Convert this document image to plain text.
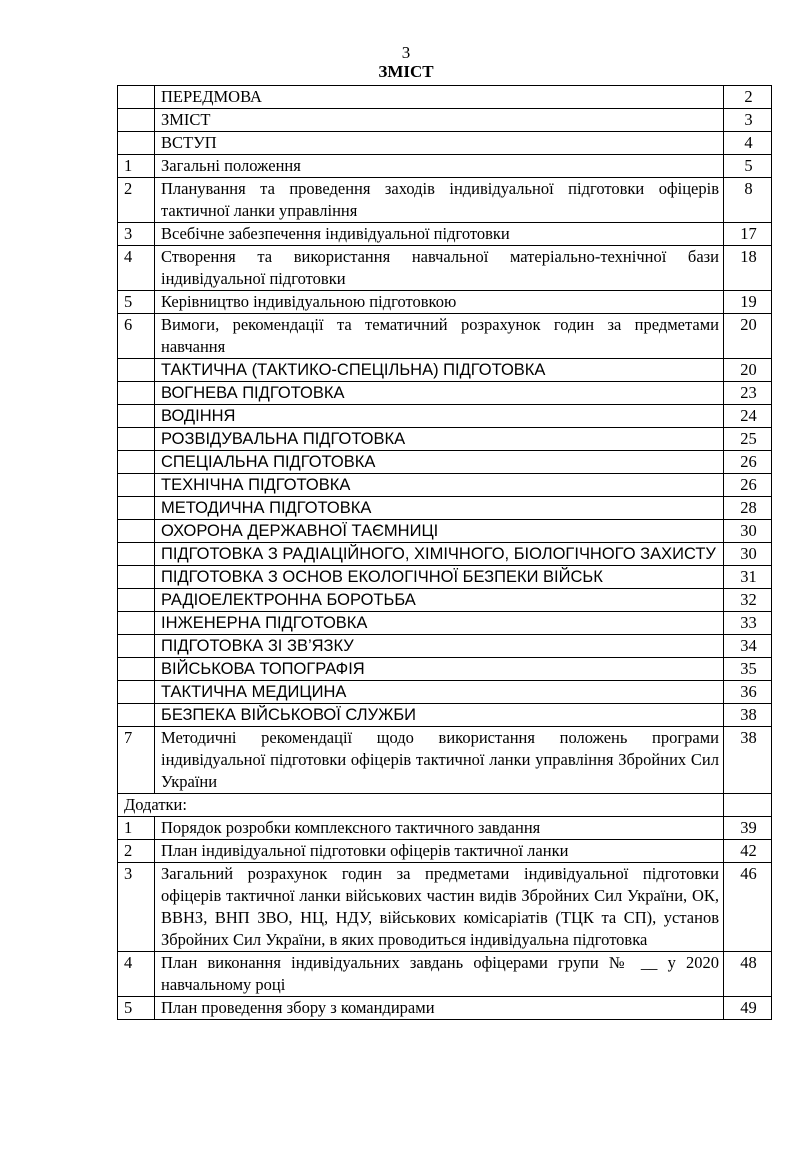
3
ЗМІСТ
	ПЕРЕДМОВА	2
	ЗМІСТ	3
	ВСТУП	4
1	Загальні положення	5
2	Планування та проведення заходів індивідуальної підготовки офіцерів тактичної ланки управління	8
3	Всебічне забезпечення індивідуальної підготовки	17
4	Створення та використання навчальної матеріально-технічної бази індивідуальної підготовки	18
5	Керівництво індивідуальною підготовкою	19
6	Вимоги, рекомендації та тематичний розрахунок годин за предметами навчання	20
	ТАКТИЧНА (ТАКТИКО-СПЕЦІЛЬНА) ПІДГОТОВКА	20
	ВОГНЕВА ПІДГОТОВКА	23
	ВОДІННЯ	24
	РОЗВІДУВАЛЬНА ПІДГОТОВКА	25
	СПЕЦІАЛЬНА ПІДГОТОВКА	26
	ТЕХНІЧНА ПІДГОТОВКА	26
	МЕТОДИЧНА ПІДГОТОВКА	28
	ОХОРОНА ДЕРЖАВНОЇ ТАЄМНИЦІ	30
	ПІДГОТОВКА З РАДІАЦІЙНОГО, ХІМІЧНОГО, БІОЛОГІЧНОГО ЗАХИСТУ	30
	ПІДГОТОВКА З ОСНОВ ЕКОЛОГІЧНОЇ БЕЗПЕКИ ВІЙСЬК	31
	РАДІОЕЛЕКТРОННА БОРОТЬБА	32
	ІНЖЕНЕРНА ПІДГОТОВКА	33
	ПІДГОТОВКА ЗІ ЗВ’ЯЗКУ	34
	ВІЙСЬКОВА ТОПОГРАФІЯ	35
	ТАКТИЧНА МЕДИЦИНА	36
	БЕЗПЕКА ВІЙСЬКОВОЇ СЛУЖБИ	38
7	Методичні рекомендації щодо використання положень програми індивідуальної підготовки офіцерів тактичної ланки управління Збройних Сил України	38
Додатки:		
1	Порядок розробки комплексного тактичного завдання	39
2	План індивідуальної підготовки офіцерів тактичної ланки	42
3	Загальний розрахунок годин за предметами індивідуальної підготовки офіцерів тактичної ланки військових частин видів Збройних Сил України, ОК, ВВНЗ, ВНП ЗВО, НЦ, НДУ, військових комісаріатів (ТЦК та СП), установ Збройних Сил України, в яких проводиться індивідуальна підготовка	46
4	План виконання індивідуальних завдань офіцерами групи № __ у 2020 навчальному році	48
5	План проведення збору з командирами	49
